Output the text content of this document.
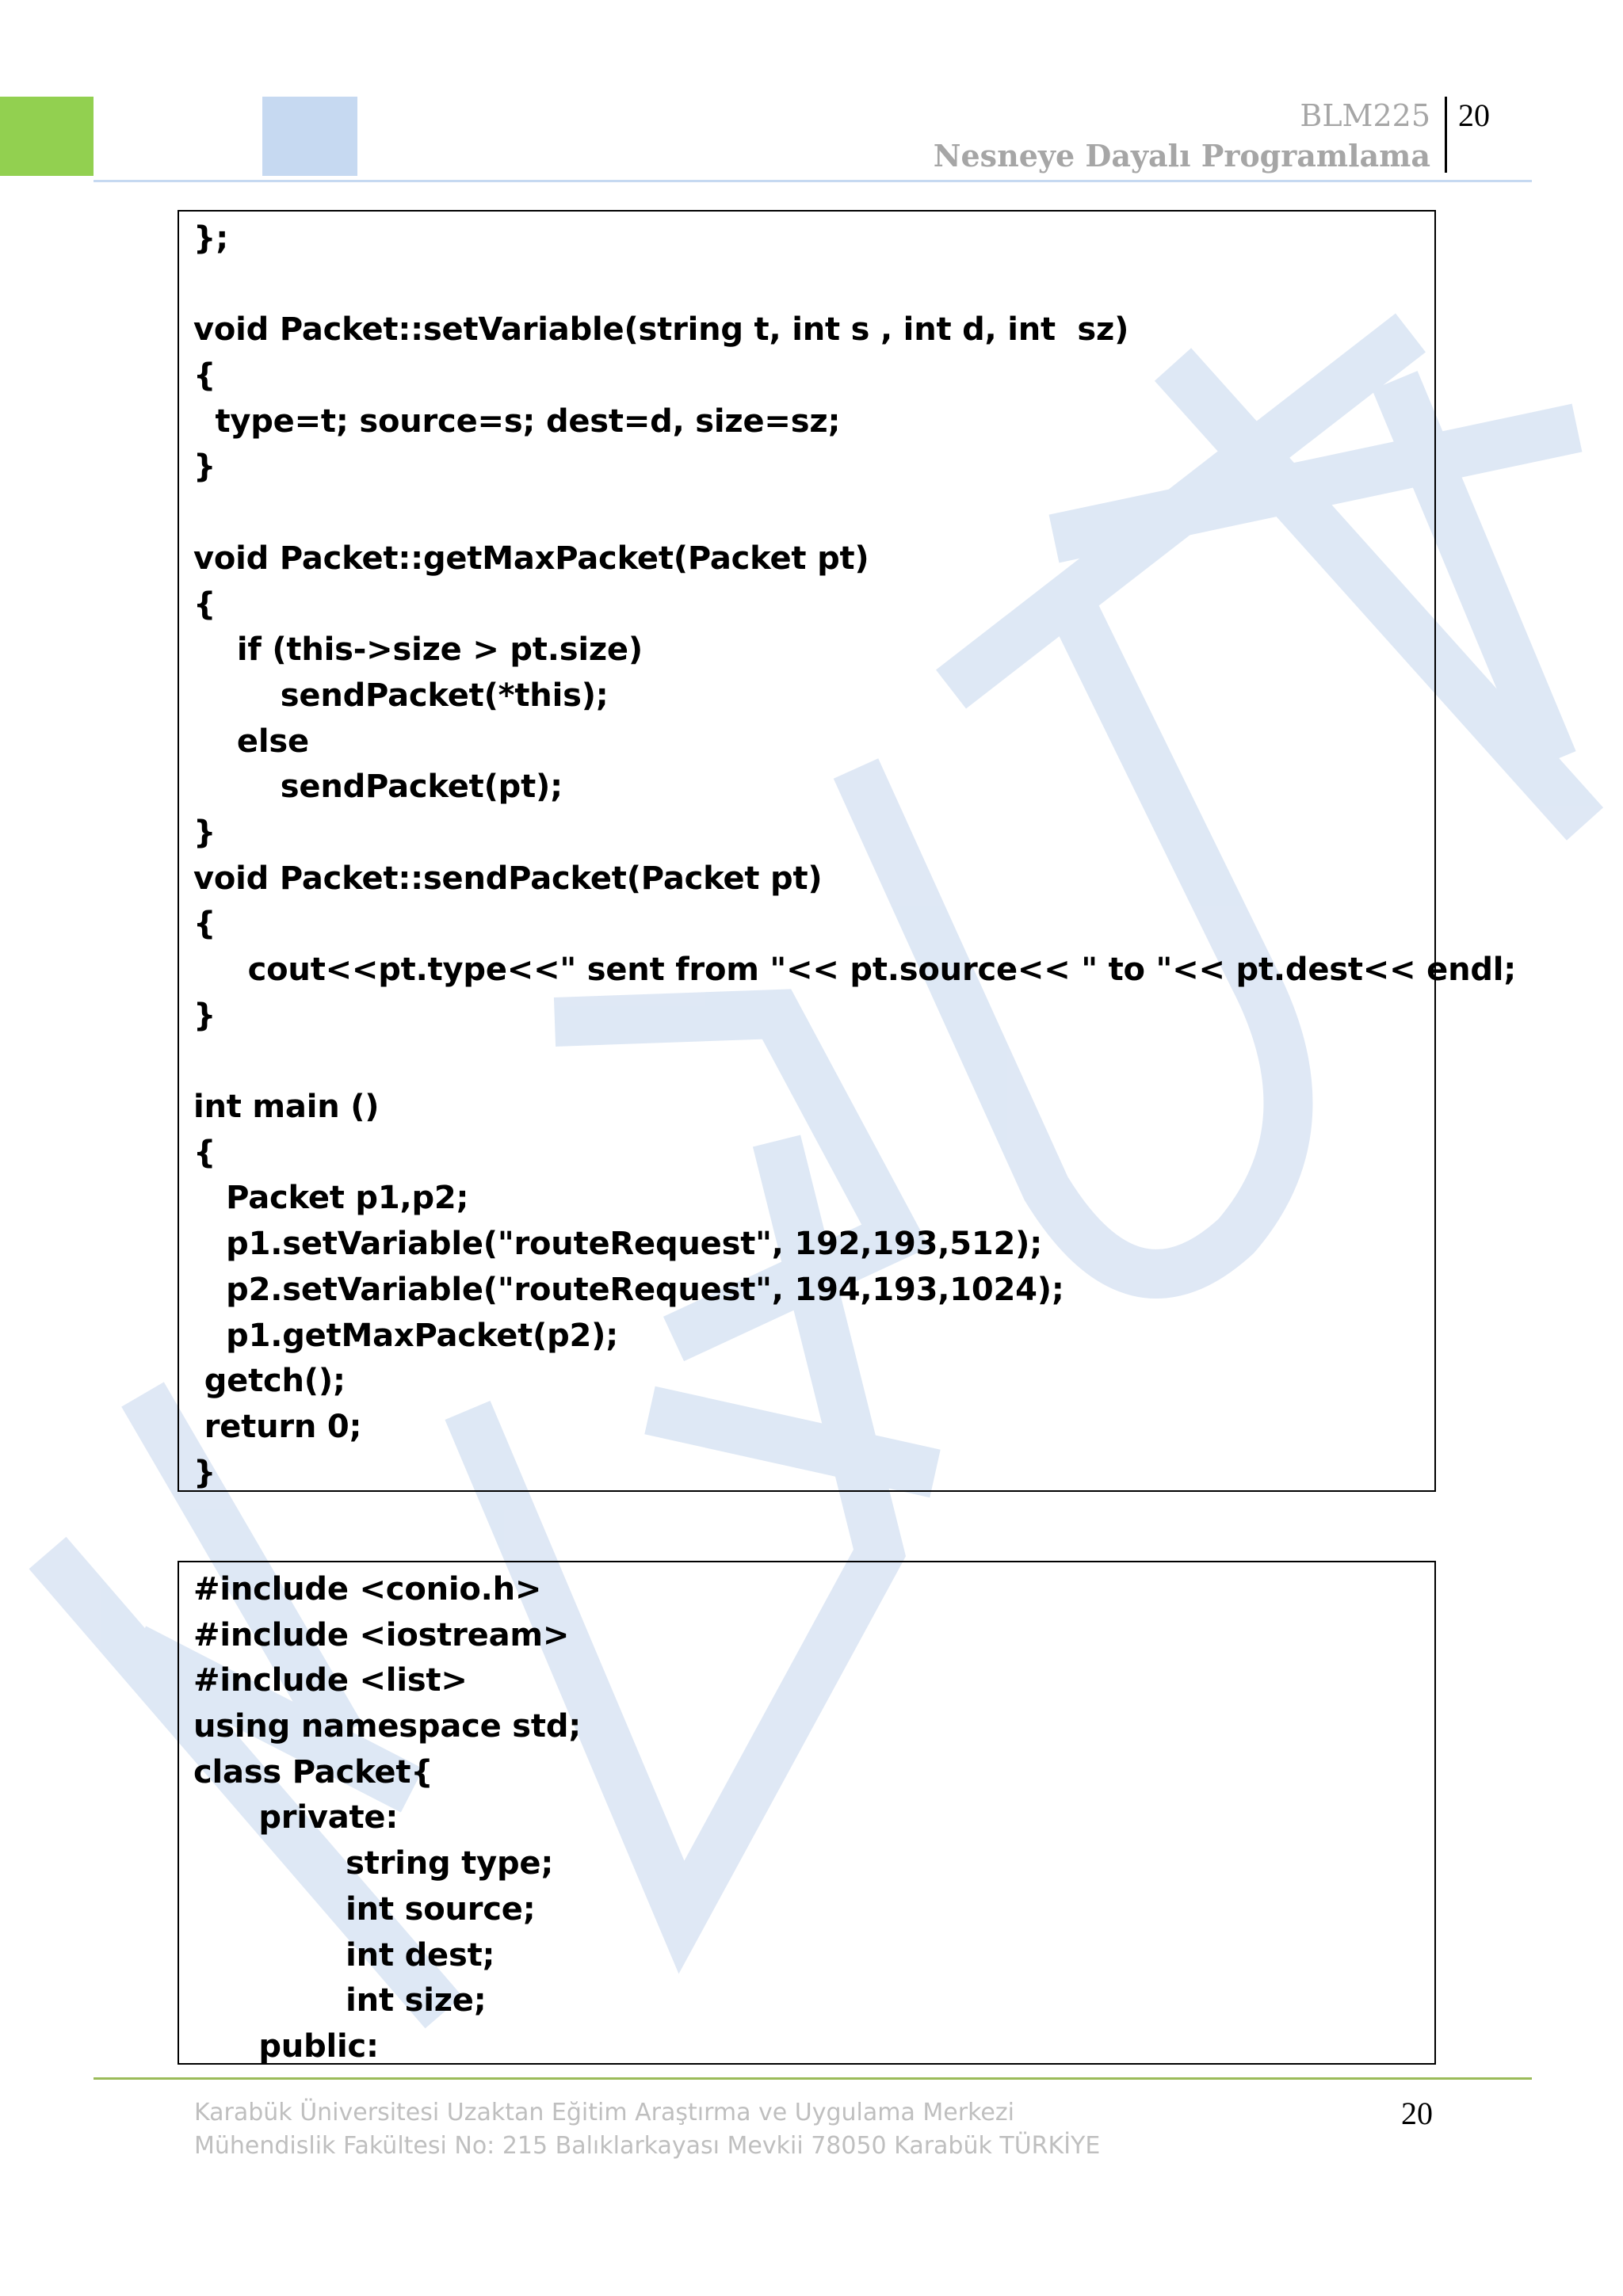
BLM225
Nesneye Dayalı Programlama
20
};
void Packet::setVariable(string t, int s , int d, int  sz)
{
type=t; source=s; dest=d, size=sz;
}
void Packet::getMaxPacket(Packet pt)
{
if (this->size > pt.size)
sendPacket(*this);
else
sendPacket(pt);
}
void Packet::sendPacket(Packet pt)
{
cout<<pt.type<<" sent from "<< pt.source<< " to "<< pt.dest<< endl;
}
int main ()
{
Packet p1,p2;
p1.setVariable("routeRequest", 192,193,512);
p2.setVariable("routeRequest", 194,193,1024);
p1.getMaxPacket(p2);
getch();
return 0;
}
#include <conio.h>
#include <iostream>
#include <list>
using namespace std;
class Packet{
private:
string type;
int source;
int dest;
int size;
public:
Karabük Üniversitesi Uzaktan Eğitim Araştırma ve Uygulama Merkezi
Mühendislik Fakültesi No: 215 Balıklarkayası Mevkii 78050 Karabük TÜRKİYE
20
